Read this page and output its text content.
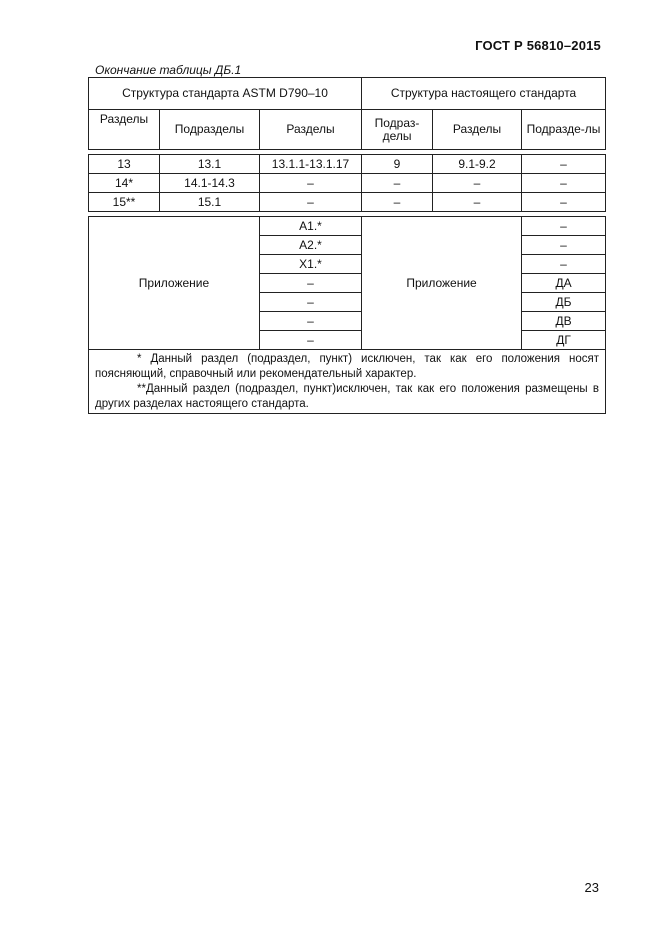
ГОСТ Р 56810–2015
Окончание таблицы ДБ.1
Структура стандарта ASTM D790–10			Структура настоящего стандарта		
Разделы	Подразделы	Разделы	Подраз-делы	Разделы	Подразде-лы

13	13.1	13.1.1-13.1.17	9	9.1-9.2	–
14*	14.1-14.3	–	–	–	–
15**	15.1	–	–	–	–

Приложение		А1.*	Приложение		–
		А2.*			–
		Х1.*			–
		–			ДА
		–			ДБ
		–			ДВ
		–			ДГ

* Данный раздел (подраздел, пункт) исключен, так как его положения носят поясняющий, справочный или рекомендательный характер.

**Данный раздел (подраздел, пункт)исключен, так как его положения размещены в других разделах настоящего стандарта.					

23
